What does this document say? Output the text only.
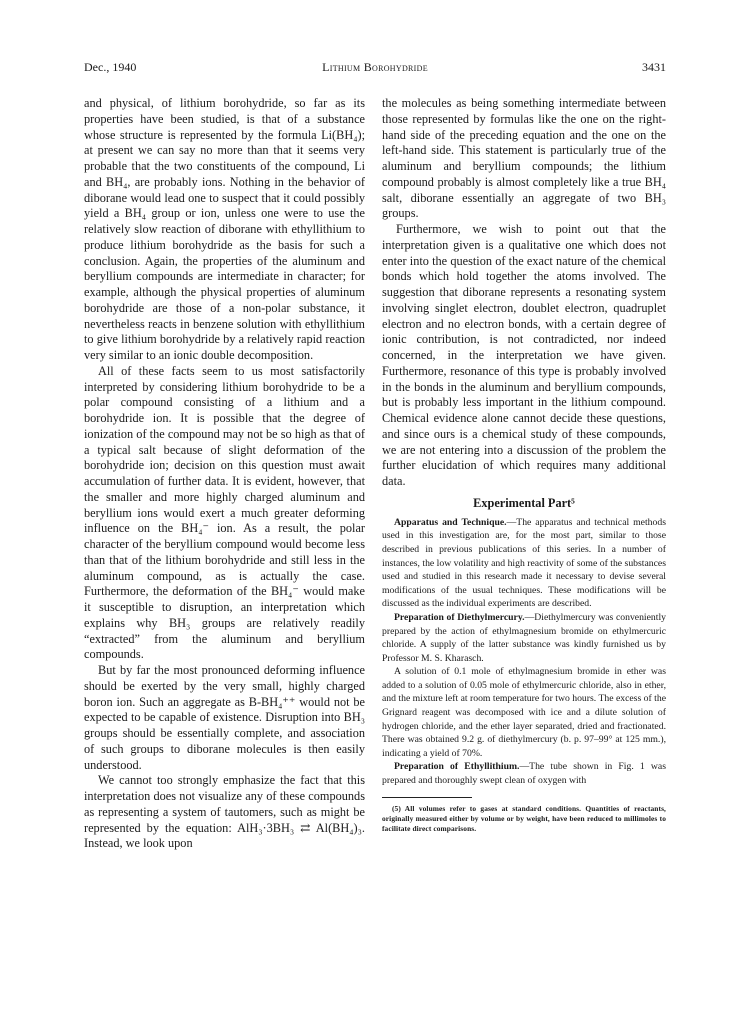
Dec., 1940	Lithium Borohydride	3431

and physical, of lithium borohydride, so far as its properties have been studied, is that of a substance whose structure is represented by the formula Li(BH₄); at present we can say no more than that it seems very probable that the two constituents of the compound, Li and BH₄, are probably ions. Nothing in the behavior of diborane would lead one to suspect that it could possibly yield a BH₄ group or ion, unless one were to use the relatively slow reaction of diborane with ethyllithium to produce lithium borohydride as the basis for such a conclusion. Again, the properties of the aluminum and beryllium compounds are intermediate in character; for example, although the physical properties of aluminum borohydride are those of a non-polar substance, it nevertheless reacts in benzene solution with ethyllithium to give lithium borohydride by a relatively rapid reaction very similar to an ionic double decomposition.

All of these facts seem to us most satisfactorily interpreted by considering lithium borohydride to be a polar compound consisting of a lithium and a borohydride ion. It is possible that the degree of ionization of the compound may not be so high as that of a typical salt because of slight deformation of the borohydride ion; decision on this question must await accumulation of further data. It is evident, however, that the smaller and more highly charged aluminum and beryllium ions would exert a much greater deforming influence on the BH₄⁻ ion. As a result, the polar character of the beryllium compound would become less than that of the lithium borohydride and still less in the aluminum compound, as is actually the case. Furthermore, the deformation of the BH₄⁻ would make it susceptible to disruption, an interpretation which explains why BH₃ groups are relatively readily “extracted” from the aluminum and beryllium compounds.

But by far the most pronounced deforming influence should be exerted by the very small, highly charged boron ion. Such an aggregate as B-BH₄⁺⁺ would not be expected to be capable of existence. Disruption into BH₃ groups should be essentially complete, and association of such groups to diborane molecules is then easily understood.

We cannot too strongly emphasize the fact that this interpretation does not visualize any of these compounds as representing a system of tautomers, such as might be represented by the equation: AlH₃·3BH₃ ⇄ Al(BH₄)₃. Instead, we look upon

the molecules as being something intermediate between those represented by formulas like the one on the right-hand side of the preceding equation and the one on the left-hand side. This statement is particularly true of the aluminum and beryllium compounds; the lithium compound probably is almost completely like a true BH₄ salt, diborane essentially an aggregate of two BH₃ groups.

Furthermore, we wish to point out that the interpretation given is a qualitative one which does not enter into the question of the exact nature of the chemical bonds which hold together the atoms involved. The suggestion that diborane represents a resonating system involving singlet electron, doublet electron, quadruplet electron and no electron bonds, with a certain degree of ionic contribution, is not contradicted, nor indeed concerned, in the interpretation we have given. Furthermore, resonance of this type is probably involved in the bonds in the aluminum and beryllium compounds, but is probably less important in the lithium compound. Chemical evidence alone cannot decide these questions, and since ours is a chemical study of these compounds, we are not entering into a discussion of the problem the further elucidation of which requires many additional data.

Experimental Part⁵

Apparatus and Technique.—The apparatus and technical methods used in this investigation are, for the most part, similar to those described in previous publications of this series. In a number of instances, the low volatility and high reactivity of some of the substances used and studied in this research made it necessary to devise several modifications of the usual techniques. These modifications will be discussed as the individual experiments are described.

Preparation of Diethylmercury.—Diethylmercury was conveniently prepared by the action of ethylmagnesium bromide on ethylmercuric chloride. A supply of the latter substance was kindly furnished us by Professor M. S. Kharasch.

A solution of 0.1 mole of ethylmagnesium bromide in ether was added to a solution of 0.05 mole of ethylmercuric chloride, also in ether, and the mixture left at room temperature for two hours. The excess of the Grignard reagent was decomposed with ice and a dilute solution of hydrogen chloride, and the ether layer separated, dried and fractionated. There was obtained 9.2 g. of diethylmercury (b. p. 97–99° at 125 mm.), indicating a yield of 70%.

Preparation of Ethyllithium.—The tube shown in Fig. 1 was prepared and thoroughly swept clean of oxygen with

(5) All volumes refer to gases at standard conditions. Quantities of reactants, originally measured either by volume or by weight, have been reduced to millimoles to facilitate direct comparisons.
